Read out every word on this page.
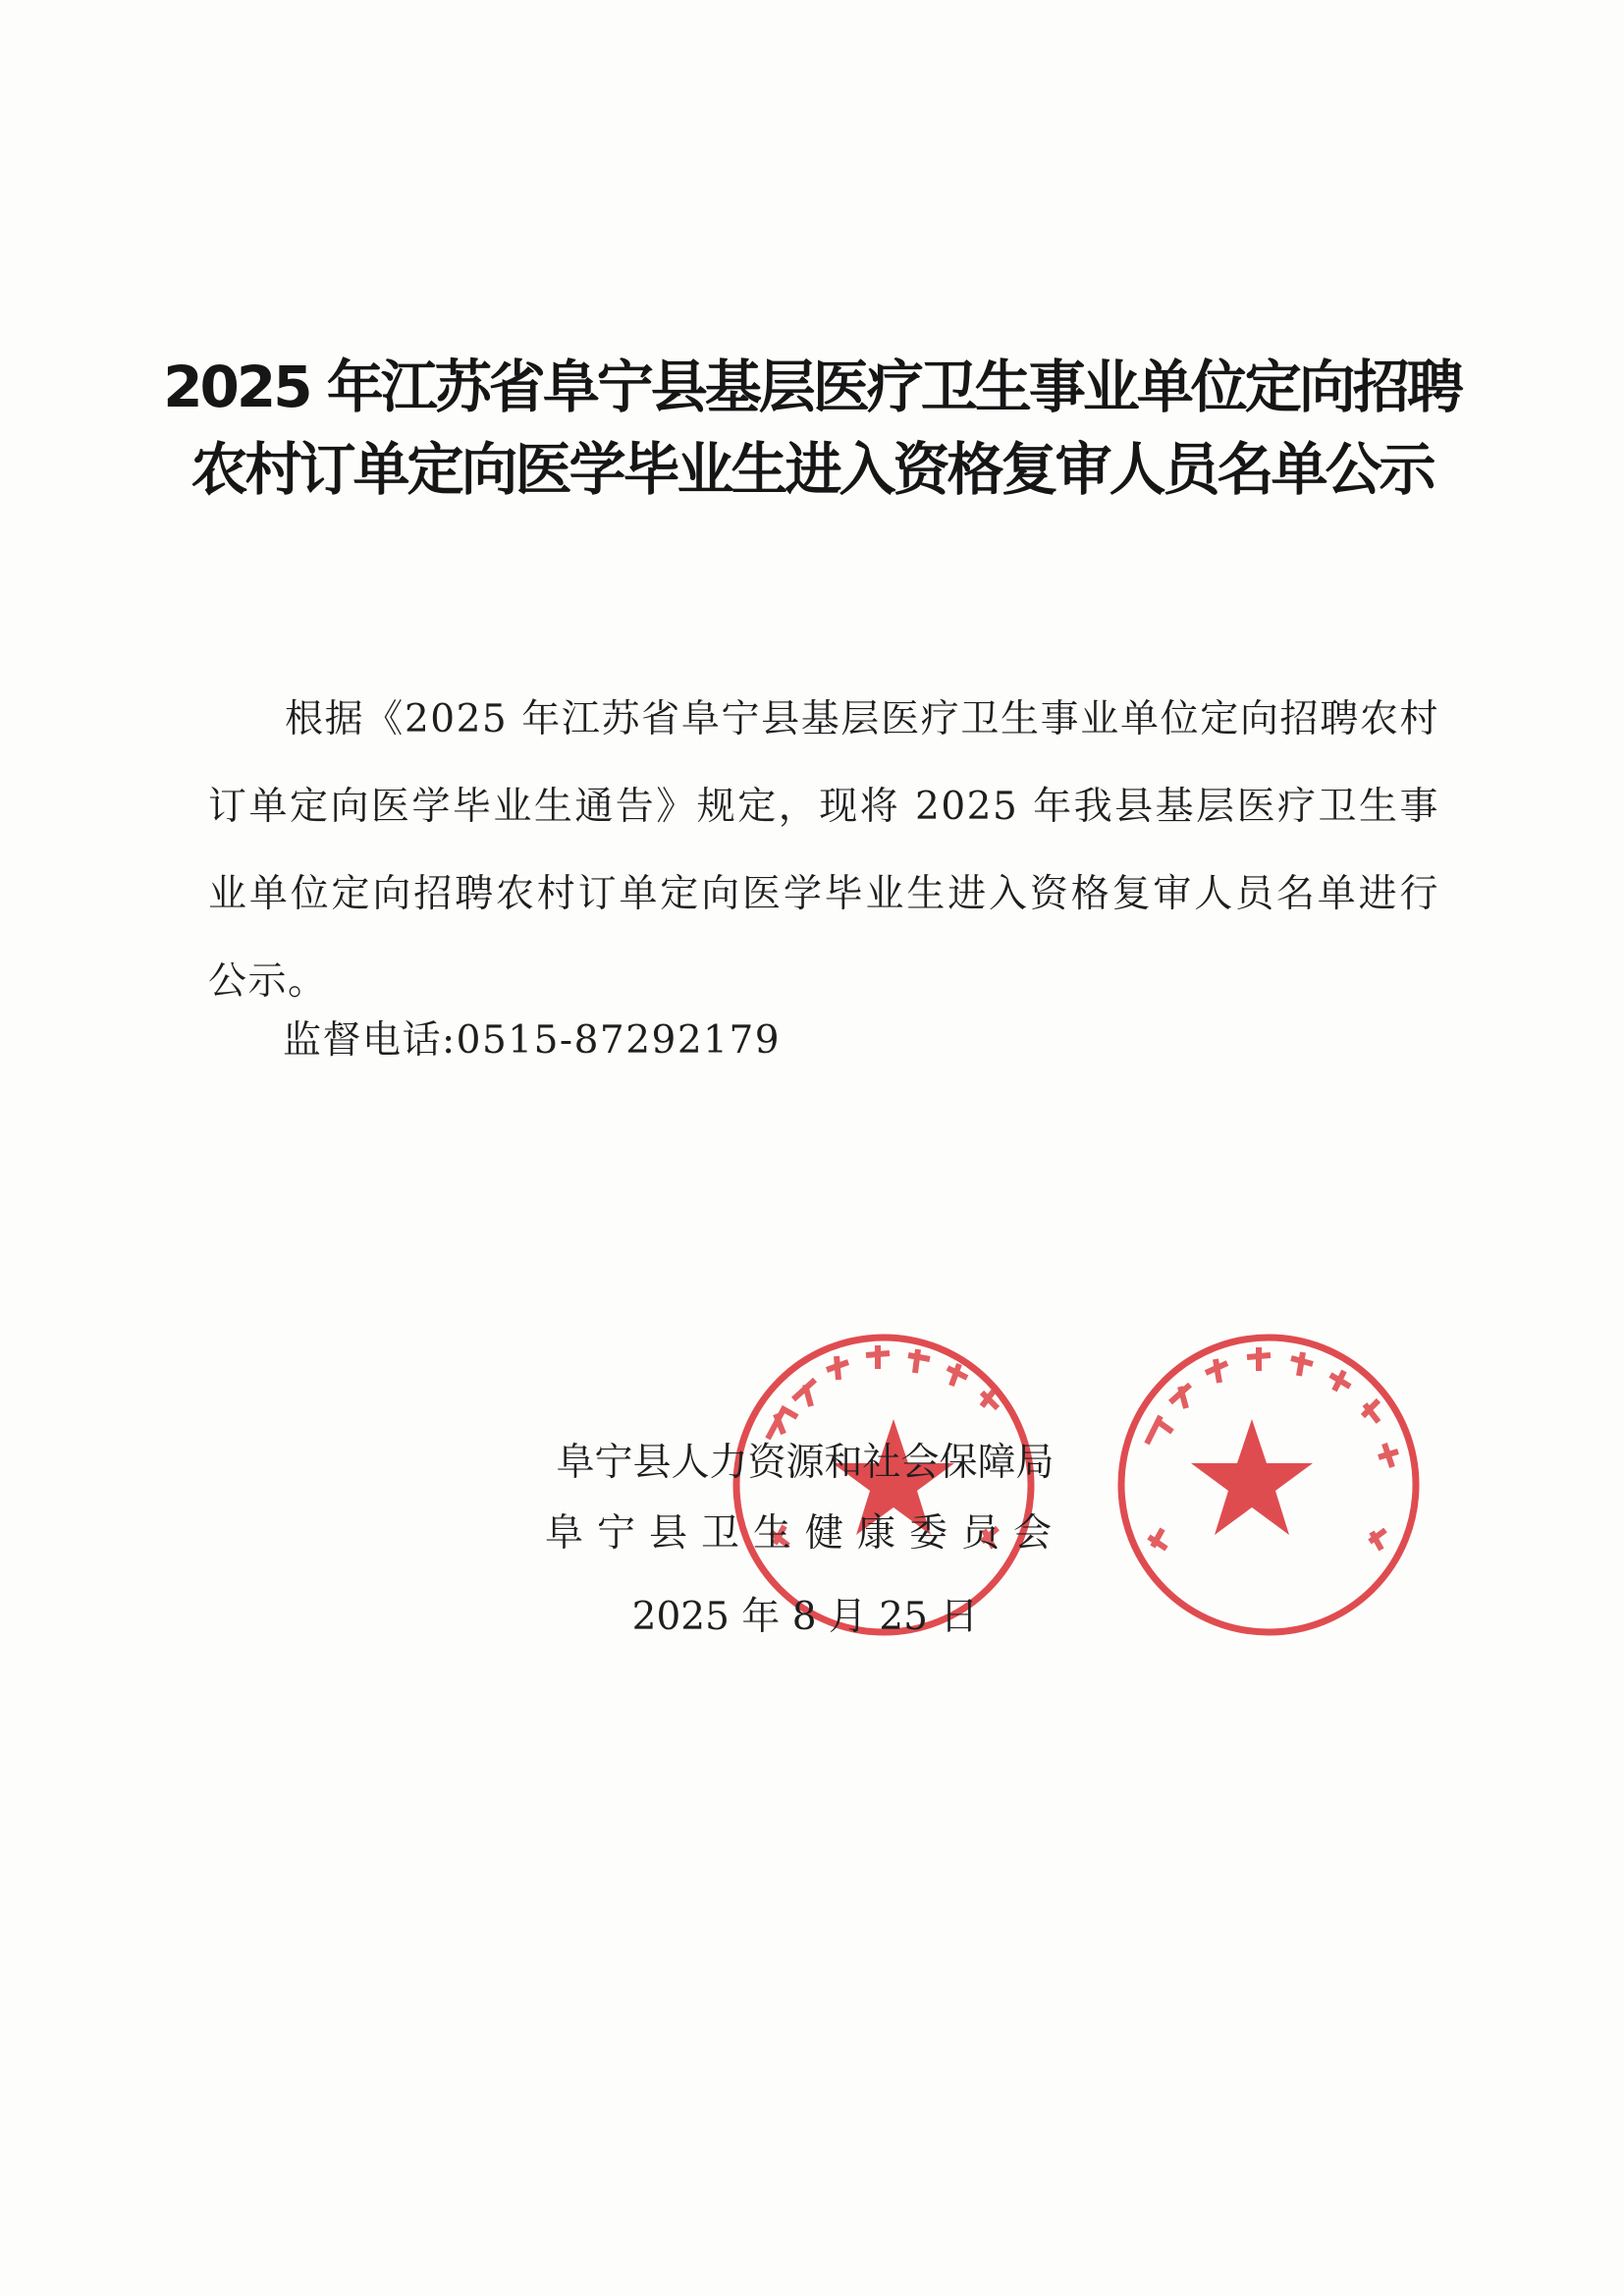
2025 年江苏省阜宁县基层医疗卫生事业单位定向招聘
农村订单定向医学毕业生进入资格复审人员名单公示

根据《2025 年江苏省阜宁县基层医疗卫生事业单位定向招聘农村订单定向医学毕业生通告》规定，现将 2025 年我县基层医疗卫生事业单位定向招聘农村订单定向医学毕业生进入资格复审人员名单进行公示。

监督电话:0515-87292179
阜宁县人力资源和社会保障局
阜宁县卫生健康委员会
2025 年 8 月 25 日
